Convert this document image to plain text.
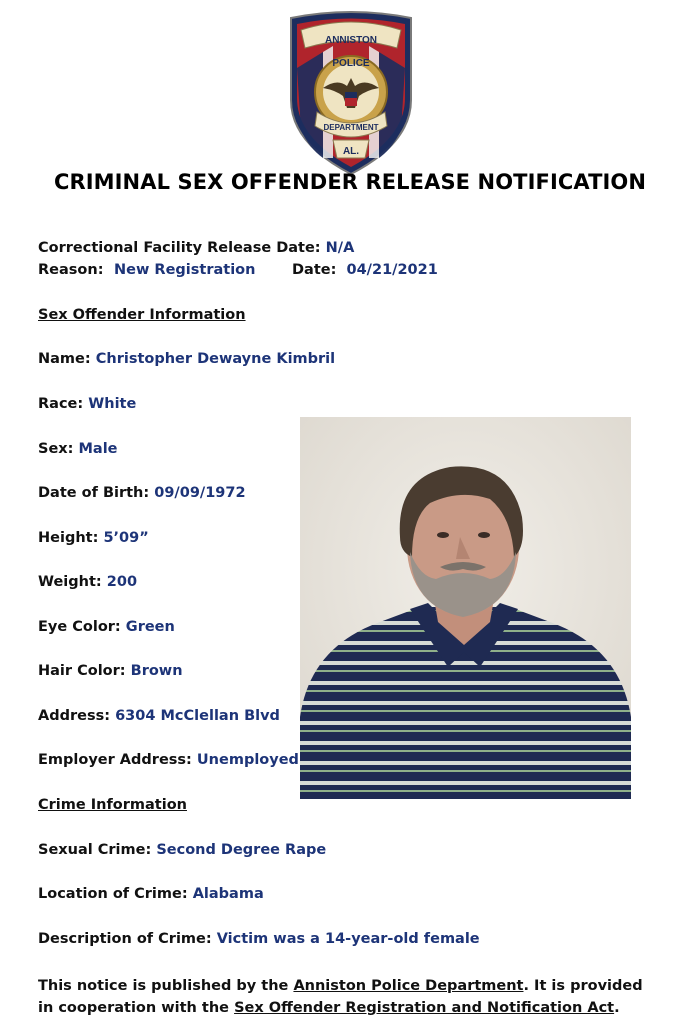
ANNISTON
POLICE
DEPARTMENT
AL.
CRIMINAL SEX OFFENDER RELEASE NOTIFICATION
Correctional Facility Release Date: N/A
Reason: New Registration	Date: 04/21/2021
Sex Offender Information
Name: Christopher Dewayne Kimbril
Race: White
Sex: Male
Date of Birth: 09/09/1972
Height: 5’09”
Weight: 200
Eye Color: Green
Hair Color: Brown
Address: 6304 McClellan Blvd
Employer Address: Unemployed
Crime Information
Sexual Crime: Second Degree Rape
Location of Crime: Alabama
Description of Crime: Victim was a 14-year-old female
This notice is published by the Anniston Police Department. It is provided in cooperation with the Sex Offender Registration and Notification Act.
